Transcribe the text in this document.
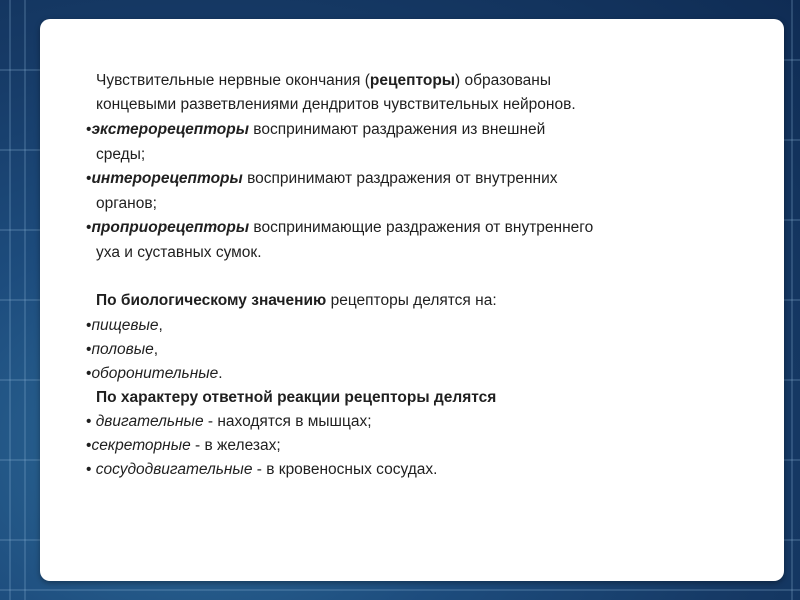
Чувствительные нервные окончания (рецепторы) образованы
концевыми разветвлениями дендритов чувствительных нейронов.
•экстерорецепторы воспринимают раздражения из внешней
среды;
•интерорецепторы воспринимают раздражения от внутренних
органов;
•проприорецепторы воспринимающие раздражения от внутреннего
уха и суставных сумок.
По биологическому значению рецепторы делятся на:
•пищевые,
•половые,
•оборонительные.
По характеру ответной реакции рецепторы делятся
• двигательные - находятся в мышцах;
•секреторные - в железах;
• сосудодвигательные - в кровеносных сосудах.
